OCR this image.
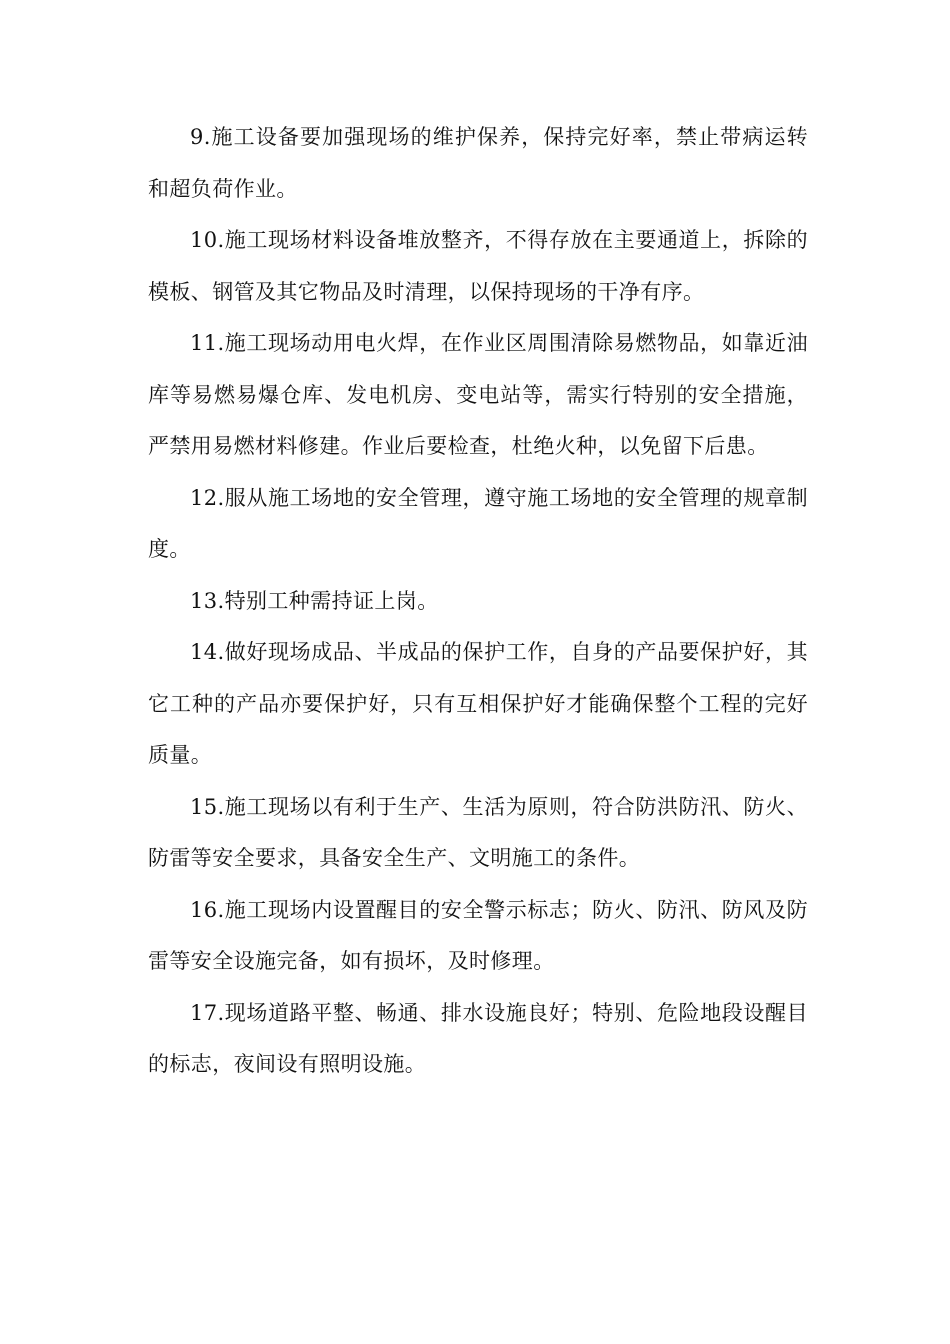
9.施工设备要加强现场的维护保养，保持完好率，禁止带病运转和超负荷作业。

10.施工现场材料设备堆放整齐，不得存放在主要通道上，拆除的模板、钢管及其它物品及时清理，以保持现场的干净有序。

11.施工现场动用电火焊，在作业区周围清除易燃物品，如靠近油库等易燃易爆仓库、发电机房、变电站等，需实行特别的安全措施，严禁用易燃材料修建。作业后要检查，杜绝火种，以免留下后患。

12.服从施工场地的安全管理，遵守施工场地的安全管理的规章制度。

13.特别工种需持证上岗。

14.做好现场成品、半成品的保护工作，自身的产品要保护好，其它工种的产品亦要保护好，只有互相保护好才能确保整个工程的完好质量。

15.施工现场以有利于生产、生活为原则，符合防洪防汛、防火、防雷等安全要求，具备安全生产、文明施工的条件。

16.施工现场内设置醒目的安全警示标志；防火、防汛、防风及防雷等安全设施完备，如有损坏，及时修理。

17.现场道路平整、畅通、排水设施良好；特别、危险地段设醒目的标志，夜间设有照明设施。
